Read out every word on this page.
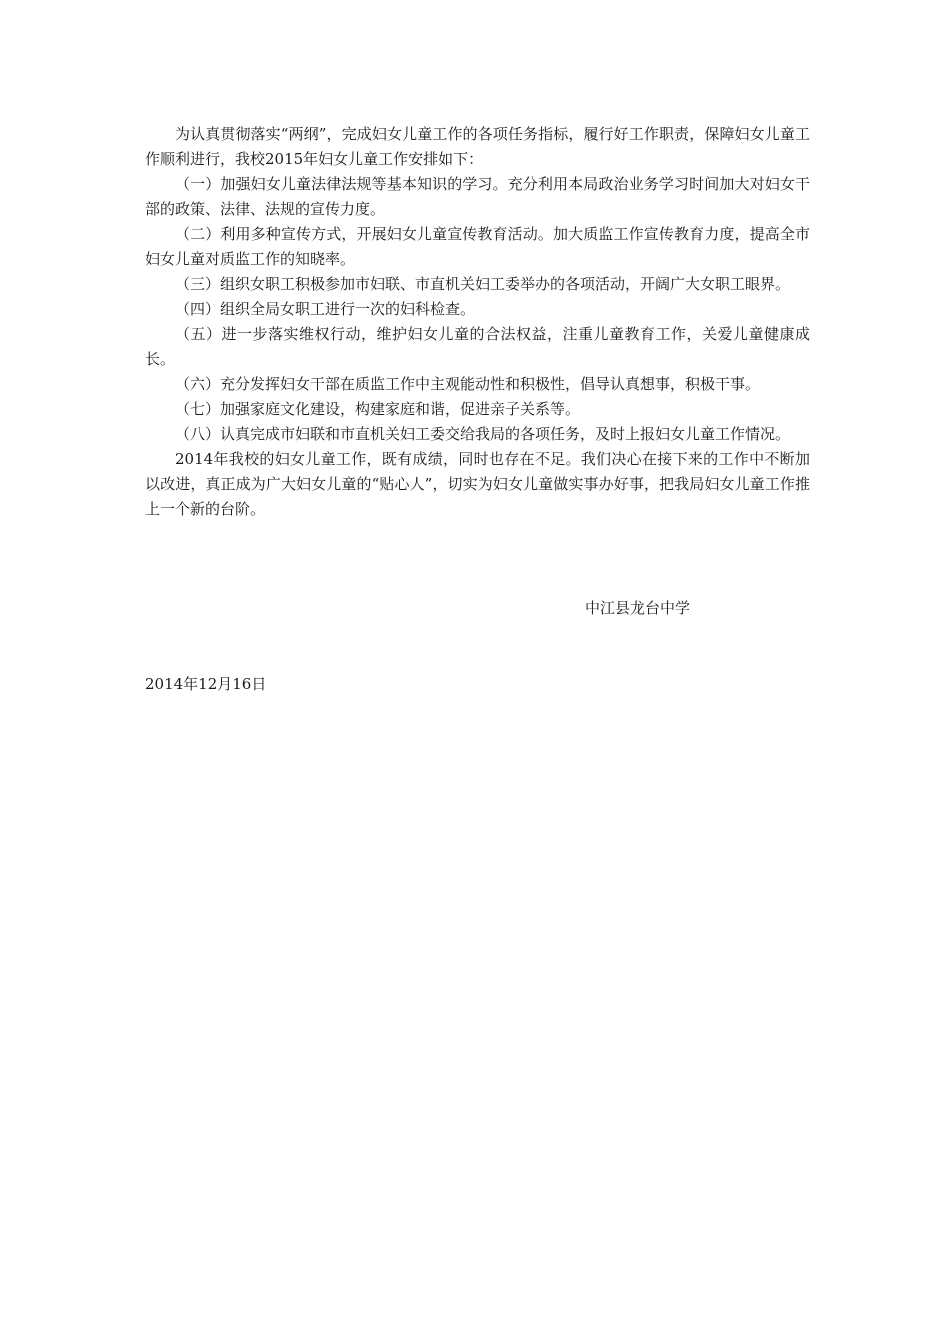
为认真贯彻落实“两纲”，完成妇女儿童工作的各项任务指标，履行好工作职责，保障妇女儿童工作顺利进行，我校2015年妇女儿童工作安排如下：

（一）加强妇女儿童法律法规等基本知识的学习。充分利用本局政治业务学习时间加大对妇女干部的政策、法律、法规的宣传力度。

（二）利用多种宣传方式，开展妇女儿童宣传教育活动。加大质监工作宣传教育力度，提高全市妇女儿童对质监工作的知晓率。

（三）组织女职工积极参加市妇联、市直机关妇工委举办的各项活动，开阔广大女职工眼界。

（四）组织全局女职工进行一次的妇科检查。

（五）进一步落实维权行动，维护妇女儿童的合法权益，注重儿童教育工作，关爱儿童健康成长。

（六）充分发挥妇女干部在质监工作中主观能动性和积极性，倡导认真想事，积极干事。

（七）加强家庭文化建设，构建家庭和谐，促进亲子关系等。

（八）认真完成市妇联和市直机关妇工委交给我局的各项任务，及时上报妇女儿童工作情况。

2014年我校的妇女儿童工作，既有成绩，同时也存在不足。我们决心在接下来的工作中不断加以改进，真正成为广大妇女儿童的“贴心人”，切实为妇女儿童做实事办好事，把我局妇女儿童工作推上一个新的台阶。

中江县龙台中学
2014年12月16日
